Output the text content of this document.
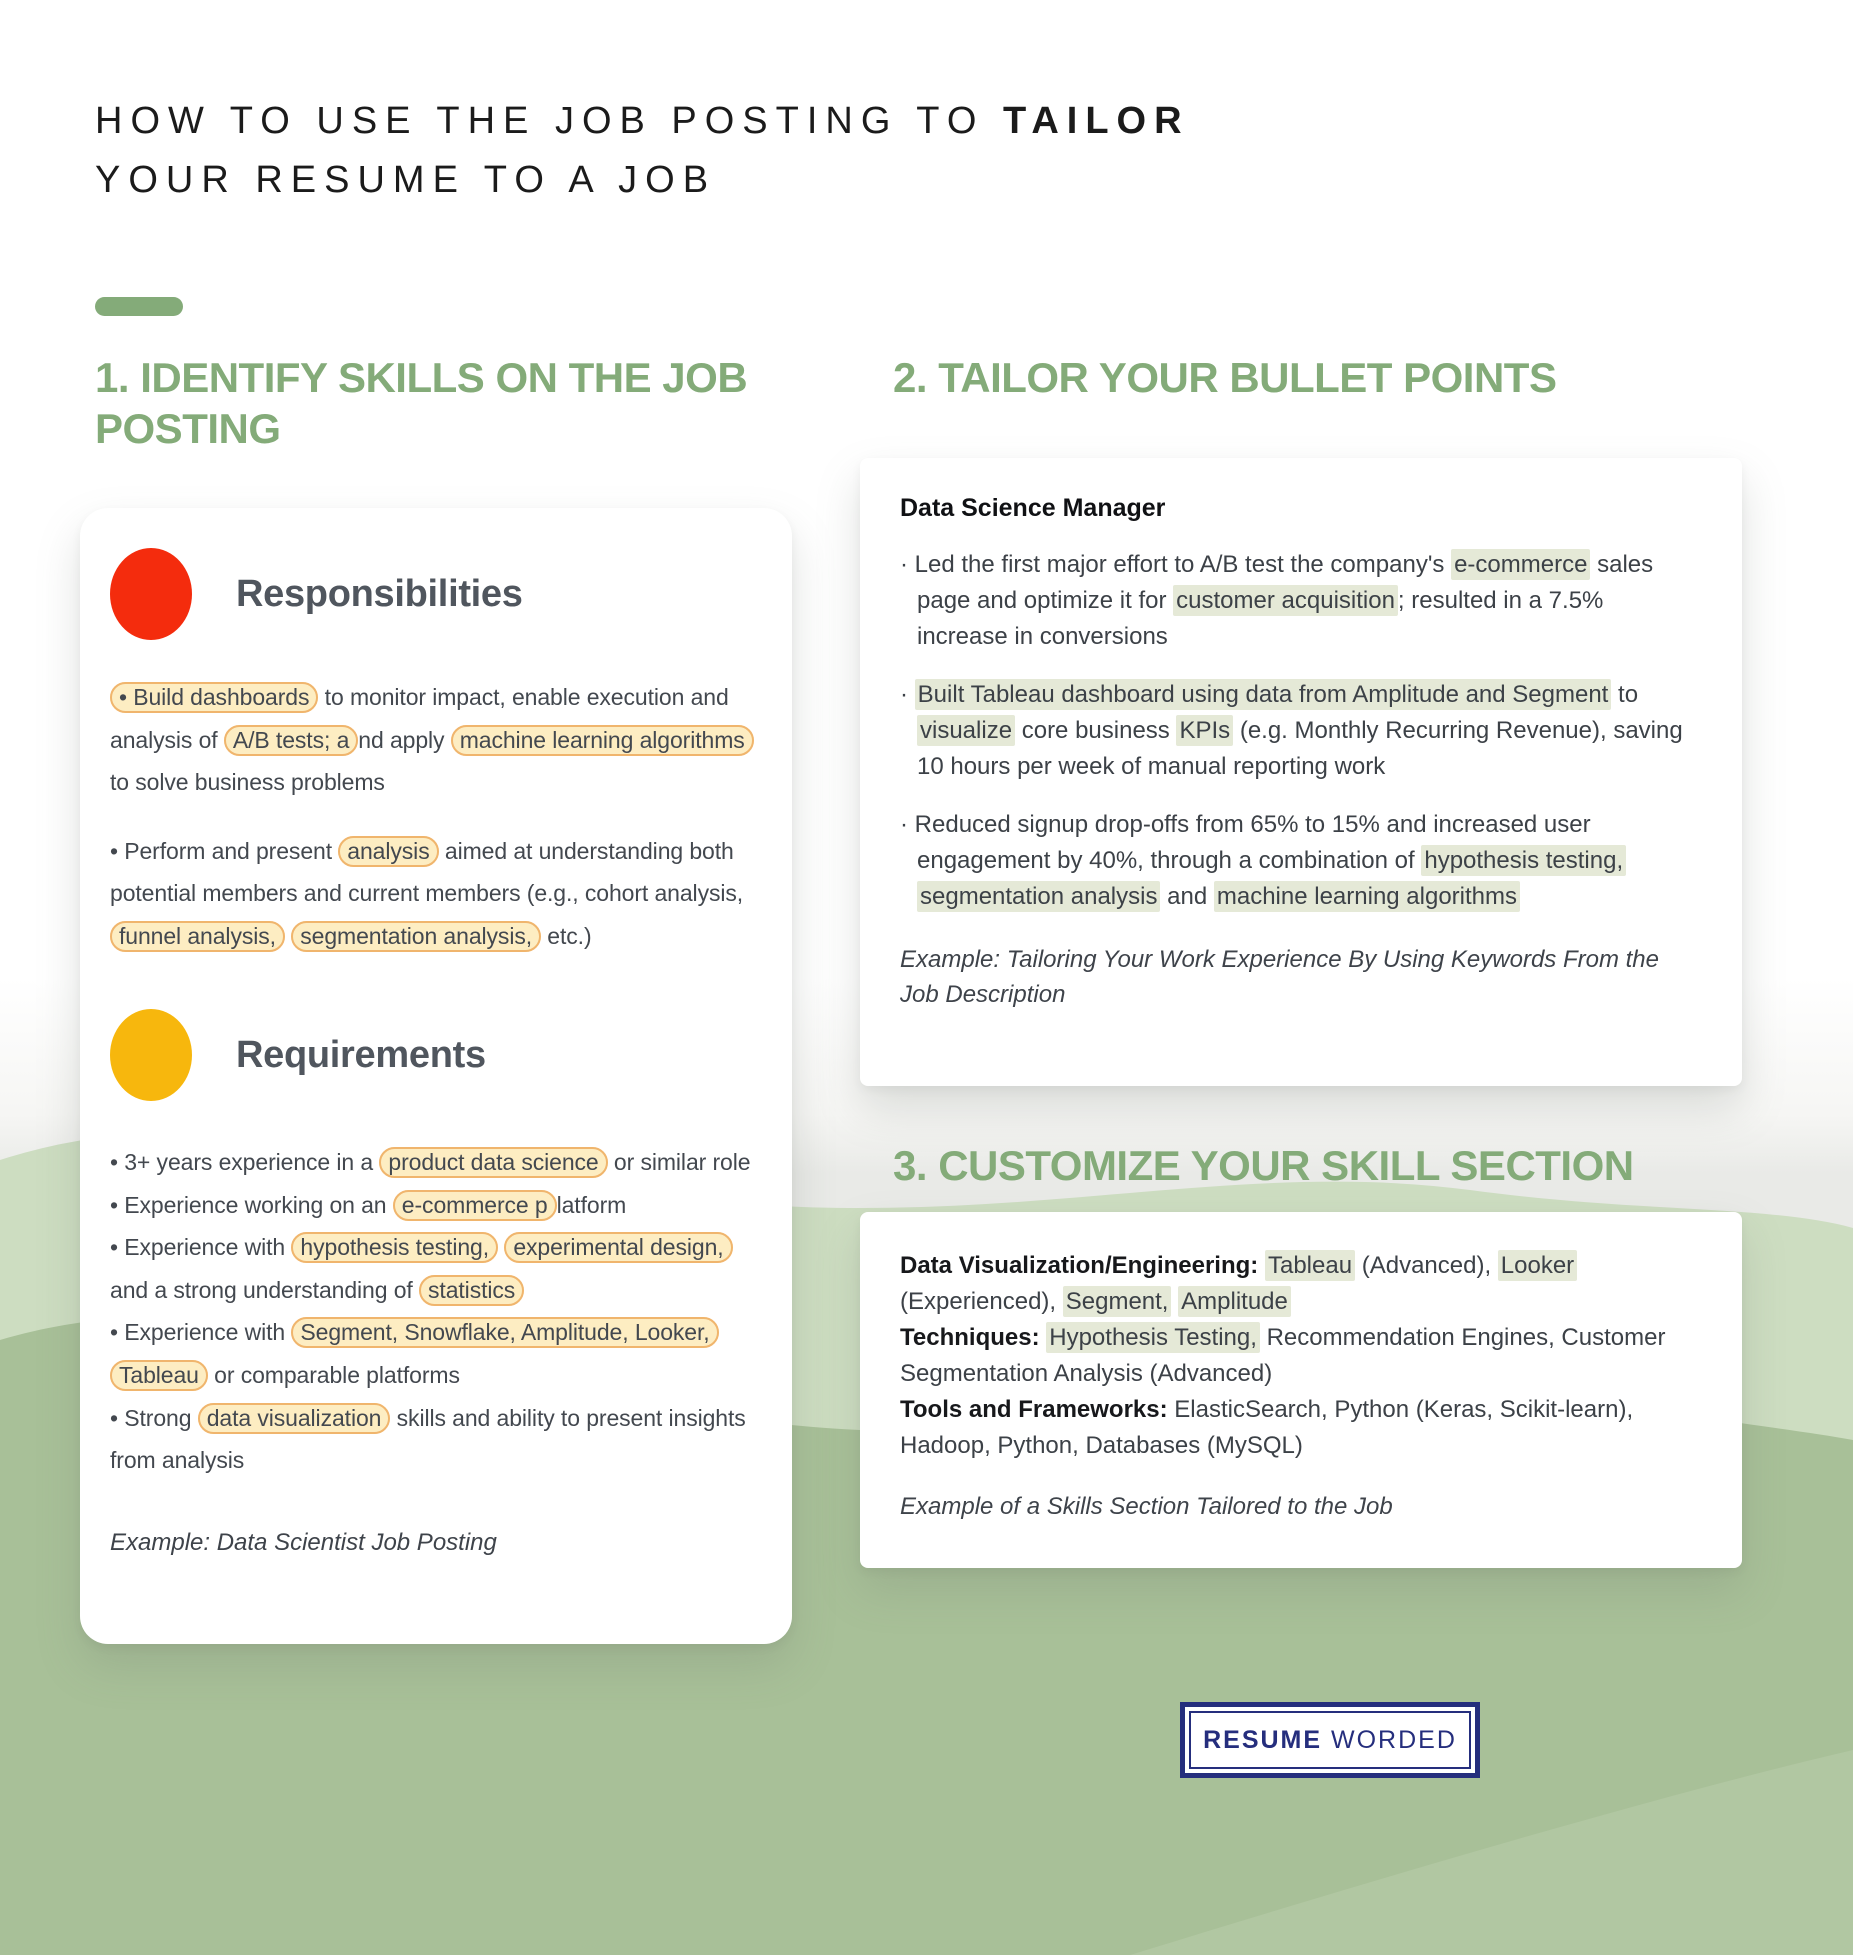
HOW TO USE THE JOB POSTING TO TAILOR
YOUR RESUME TO A JOB
1. IDENTIFY SKILLS ON THE JOB POSTING
2. TAILOR YOUR BULLET POINTS
3. CUSTOMIZE YOUR SKILL SECTION
Responsibilities

• Build dashboards to monitor impact, enable execution and analysis of A/B tests; a nd apply machine learning algorithms to solve business problems

• Perform and present analysis aimed at understanding both potential members and current members (e.g., cohort analysis, funnel analysis, segmentation analysis, etc.)

Requirements

• 3+ years experience in a product data science or similar role

• Experience working on an e-commerce p latform

• Experience with hypothesis testing, experimental design, and a strong understanding of statistics

• Experience with Segment, Snowflake, Amplitude, Looker, Tableau or comparable platforms

• Strong data visualization skills and ability to present insights from analysis

Example: Data Scientist Job Posting

Data Science Manager

· Led the first major effort to A/B test the company's e-commerce sales page and optimize it for customer acquisition ; resulted in a 7.5% increase in conversions

· Built Tableau dashboard using data from Amplitude and Segment to visualize core business KPIs (e.g. Monthly Recurring Revenue), saving 10 hours per week of manual reporting work

· Reduced signup drop-offs from 65% to 15% and increased user engagement by 40%, through a combination of hypothesis testing, segmentation analysis and machine learning algorithms

Example: Tailoring Your Work Experience By Using Keywords From the Job Description

Data Visualization/Engineering: Tableau (Advanced), Looker (Experienced), Segment, Amplitude

Techniques: Hypothesis Testing, Recommendation Engines, Customer Segmentation Analysis (Advanced)

Tools and Frameworks: ElasticSearch, Python (Keras, Scikit-learn), Hadoop, Python, Databases (MySQL)

Example of a Skills Section Tailored to the Job

RESUME WORDED
